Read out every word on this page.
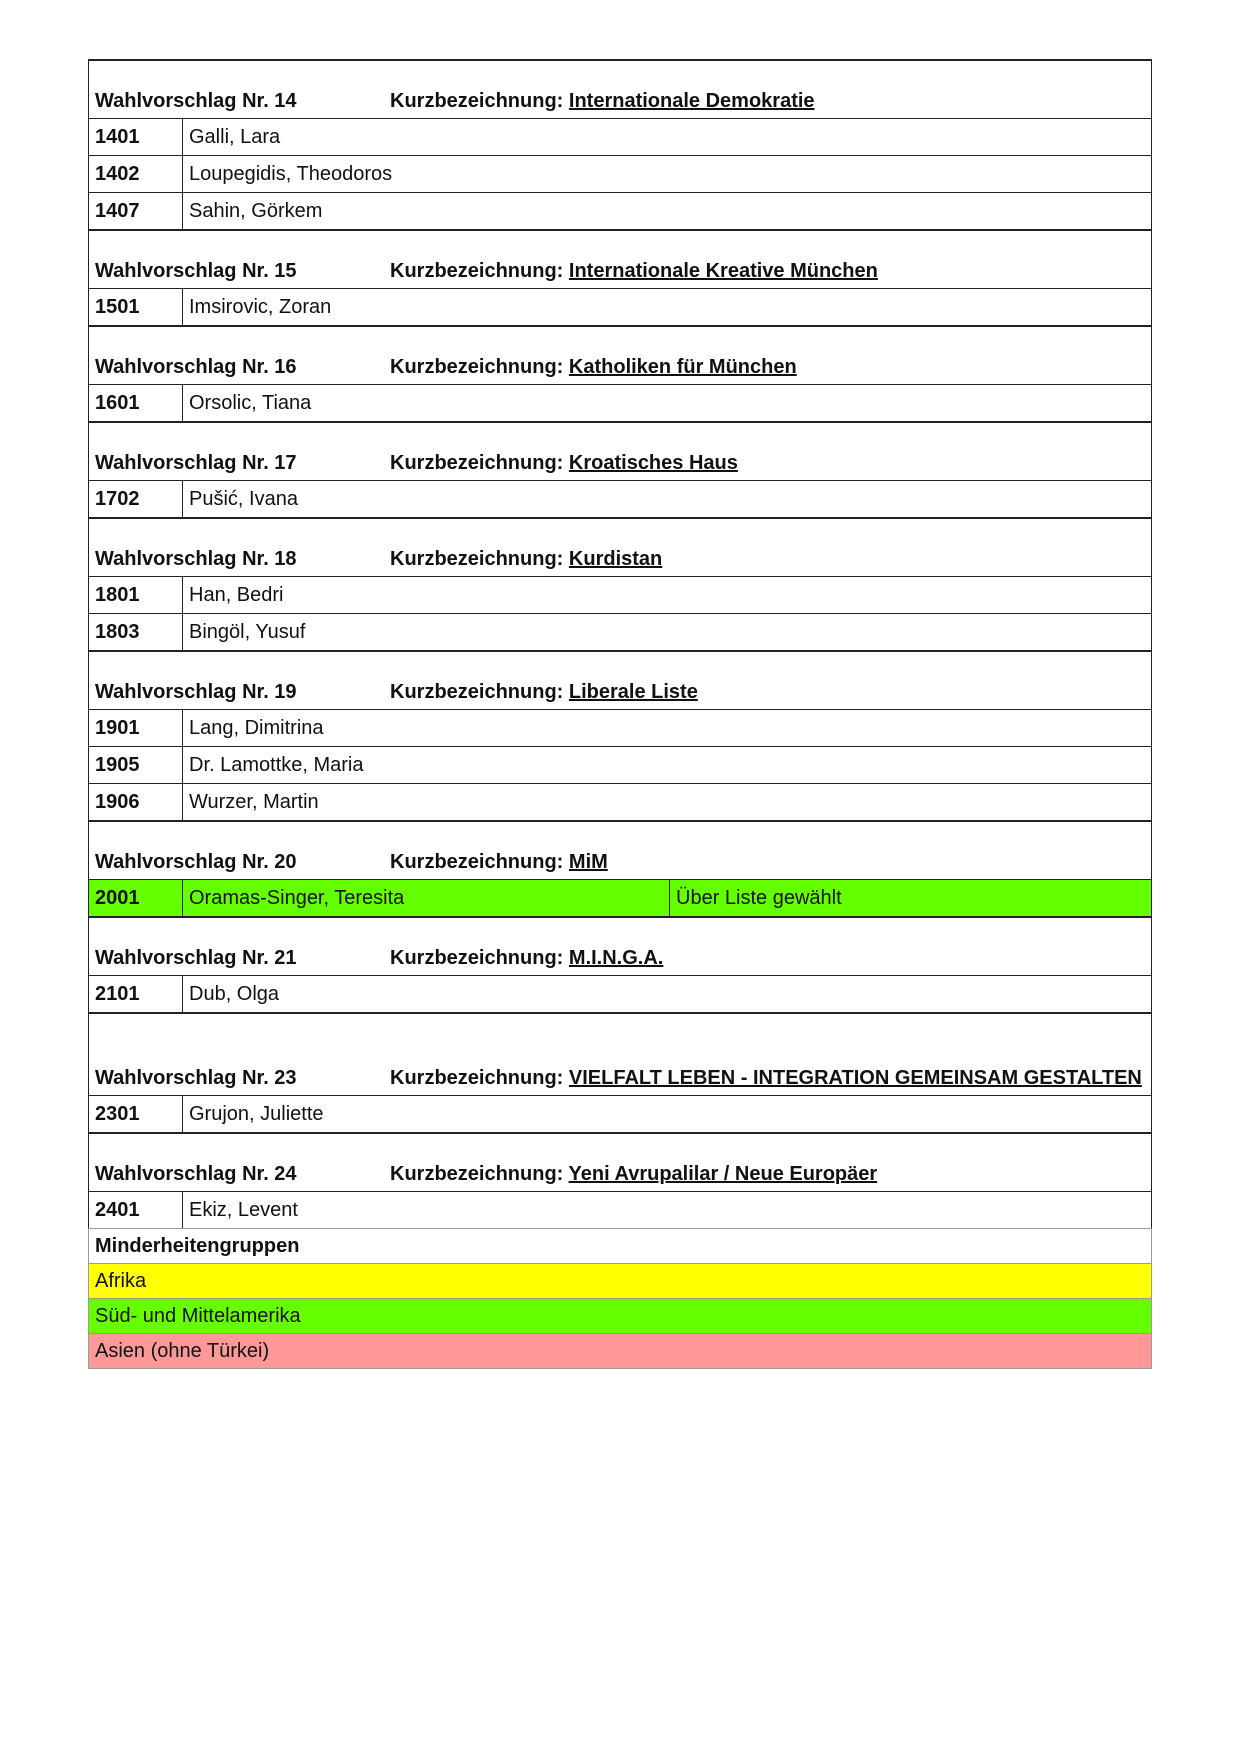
Wahlvorschlag Nr. 14 Kurzbezeichnung: Internationale Demokratie		
1401	Galli, Lara	
1402	Loupegidis, Theodoros	
1407	Sahin, Görkem	
Wahlvorschlag Nr. 15 Kurzbezeichnung: Internationale Kreative München		
1501	Imsirovic, Zoran	
Wahlvorschlag Nr. 16 Kurzbezeichnung: Katholiken für München		
1601	Orsolic, Tiana	
Wahlvorschlag Nr. 17 Kurzbezeichnung: Kroatisches Haus		
1702	Pušić, Ivana	
Wahlvorschlag Nr. 18 Kurzbezeichnung: Kurdistan		
1801	Han, Bedri	
1803	Bingöl, Yusuf	
Wahlvorschlag Nr. 19 Kurzbezeichnung: Liberale Liste		
1901	Lang, Dimitrina	
1905	Dr. Lamottke, Maria	
1906	Wurzer, Martin	
Wahlvorschlag Nr. 20 Kurzbezeichnung: MiM		
2001	Oramas-Singer, Teresita	Über Liste gewählt
Wahlvorschlag Nr. 21 Kurzbezeichnung: M.I.N.G.A.		
2101	Dub, Olga	
Wahlvorschlag Nr. 23 Kurzbezeichnung: VIELFALT LEBEN - INTEGRATION GEMEINSAM GESTALTEN		
2301	Grujon, Juliette	
Wahlvorschlag Nr. 24 Kurzbezeichnung: Yeni Avrupalilar / Neue Europäer		
2401	Ekiz, Levent	
Minderheitengruppen
Afrika
Süd- und Mittelamerika
Asien (ohne Türkei)
